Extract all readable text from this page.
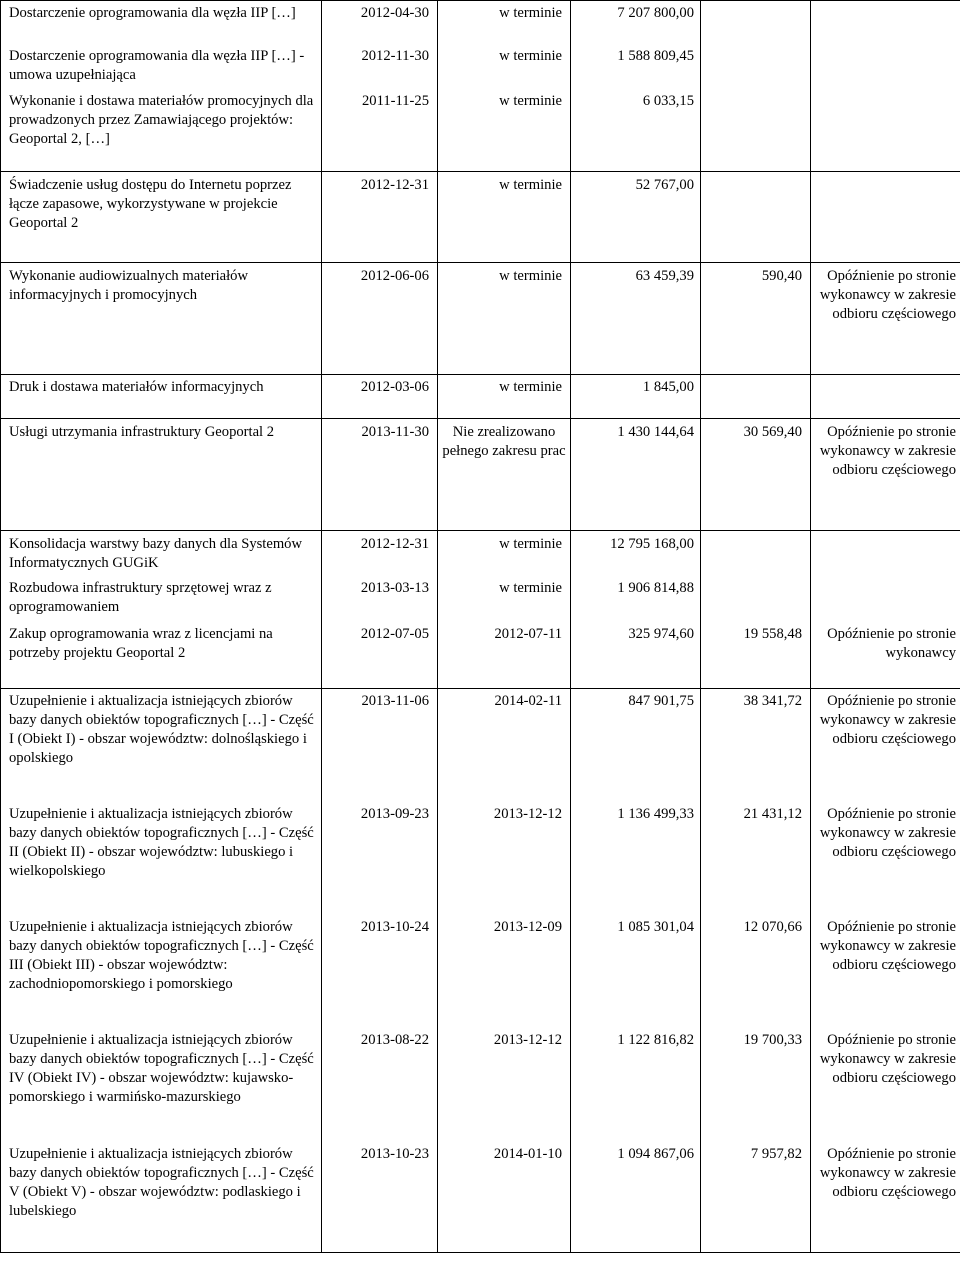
Dostarczenie oprogramowania dla węzła IIP […]	2012-04-30	w terminie	7 207 800,00		

Dostarczenie oprogramowania dla węzła IIP […] - umowa uzupełniająca	2012-11-30	w terminie	1 588 809,45		

Wykonanie i dostawa materiałów promocyjnych dla prowadzonych przez Zamawiającego projektów: Geoportal 2, […]	2011-11-25	w terminie	6 033,15		

Świadczenie usług dostępu do Internetu poprzez łącze zapasowe, wykorzystywane w projekcie Geoportal 2	2012-12-31	w terminie	52 767,00		

Wykonanie audiowizualnych materiałów informacyjnych i promocyjnych	2012-06-06	w terminie	63 459,39	590,40	Opóźnienie po stronie wykonawcy w zakresie odbioru częściowego

Druk i dostawa materiałów informacyjnych	2012-03-06	w terminie	1 845,00		

Usługi utrzymania infrastruktury Geoportal 2	2013-11-30	Nie zrealizowano pełnego zakresu prac	1 430 144,64	30 569,40	Opóźnienie po stronie wykonawcy w zakresie odbioru częściowego

Konsolidacja warstwy bazy danych dla Systemów Informatycznych GUGiK	2012-12-31	w terminie	12 795 168,00		

Rozbudowa infrastruktury sprzętowej wraz z oprogramowaniem	2013-03-13	w terminie	1 906 814,88		

Zakup oprogramowania wraz z licencjami na potrzeby projektu Geoportal 2	2012-07-05	2012-07-11	325 974,60	19 558,48	Opóźnienie po stronie wykonawcy

Uzupełnienie i aktualizacja istniejących zbiorów bazy danych obiektów topograficznych […] - Część I (Obiekt I) - obszar województw: dolnośląskiego i opolskiego	2013-11-06	2014-02-11	847 901,75	38 341,72	Opóźnienie po stronie wykonawcy w zakresie odbioru częściowego

Uzupełnienie i aktualizacja istniejących zbiorów bazy danych obiektów topograficznych […] - Część II (Obiekt II) - obszar województw: lubuskiego i wielkopolskiego	2013-09-23	2013-12-12	1 136 499,33	21 431,12	Opóźnienie po stronie wykonawcy w zakresie odbioru częściowego

Uzupełnienie i aktualizacja istniejących zbiorów bazy danych obiektów topograficznych […] - Część III (Obiekt III) - obszar województw: zachodniopomorskiego i pomorskiego	2013-10-24	2013-12-09	1 085 301,04	12 070,66	Opóźnienie po stronie wykonawcy w zakresie odbioru częściowego

Uzupełnienie i aktualizacja istniejących zbiorów bazy danych obiektów topograficznych […] - Część IV (Obiekt IV) - obszar województw: kujawsko-pomorskiego i warmińsko-mazurskiego	2013-08-22	2013-12-12	1 122 816,82	19 700,33	Opóźnienie po stronie wykonawcy w zakresie odbioru częściowego

Uzupełnienie i aktualizacja istniejących zbiorów bazy danych obiektów topograficznych […] - Część V (Obiekt V) - obszar województw: podlaskiego i lubelskiego	2013-10-23	2014-01-10	1 094 867,06	7 957,82	Opóźnienie po stronie wykonawcy w zakresie odbioru częściowego
